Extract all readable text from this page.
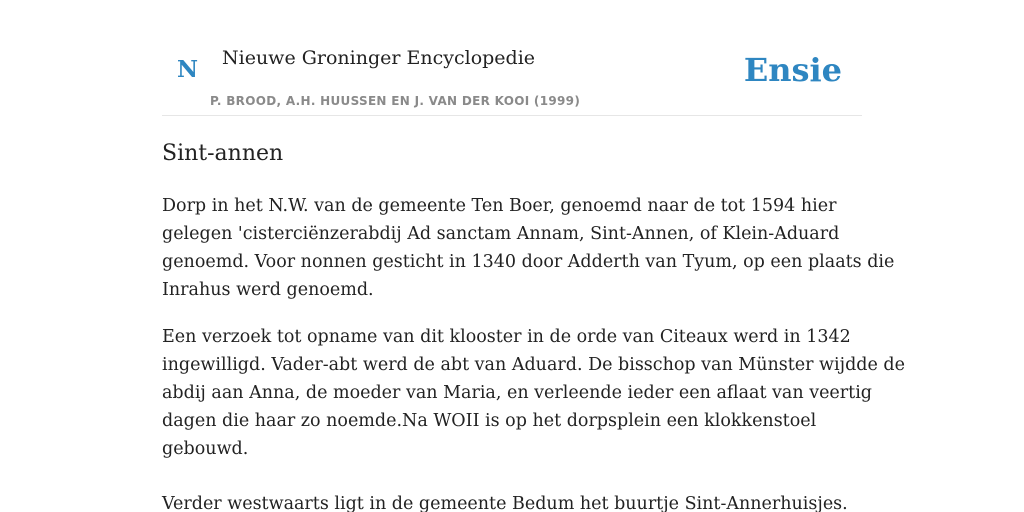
N Nieuwe Groninger Encyclopedie
P. BROOD, A.H. HUUSSEN EN J. VAN DER KOOI (1999)
Ensie
Sint-annen

Dorp in het N.W. van de gemeente Ten Boer, genoemd naar de tot 1594 hier
gelegen 'cisterciënzerabdij Ad sanctam Annam, Sint-Annen, of Klein-Aduard
genoemd. Voor nonnen gesticht in 1340 door Adderth van Tyum, op een plaats die
Inrahus werd genoemd.

Een verzoek tot opname van dit klooster in de orde van Citeaux werd in 1342
ingewilligd. Vader-abt werd de abt van Aduard. De bisschop van Münster wijdde de
abdij aan Anna, de moeder van Maria, en verleende ieder een aflaat van veertig
dagen die haar zo noemde.Na WOII is op het dorpsplein een klokkenstoel
gebouwd.

Verder westwaarts ligt in de gemeente Bedum het buurtje Sint-Annerhuisjes.
